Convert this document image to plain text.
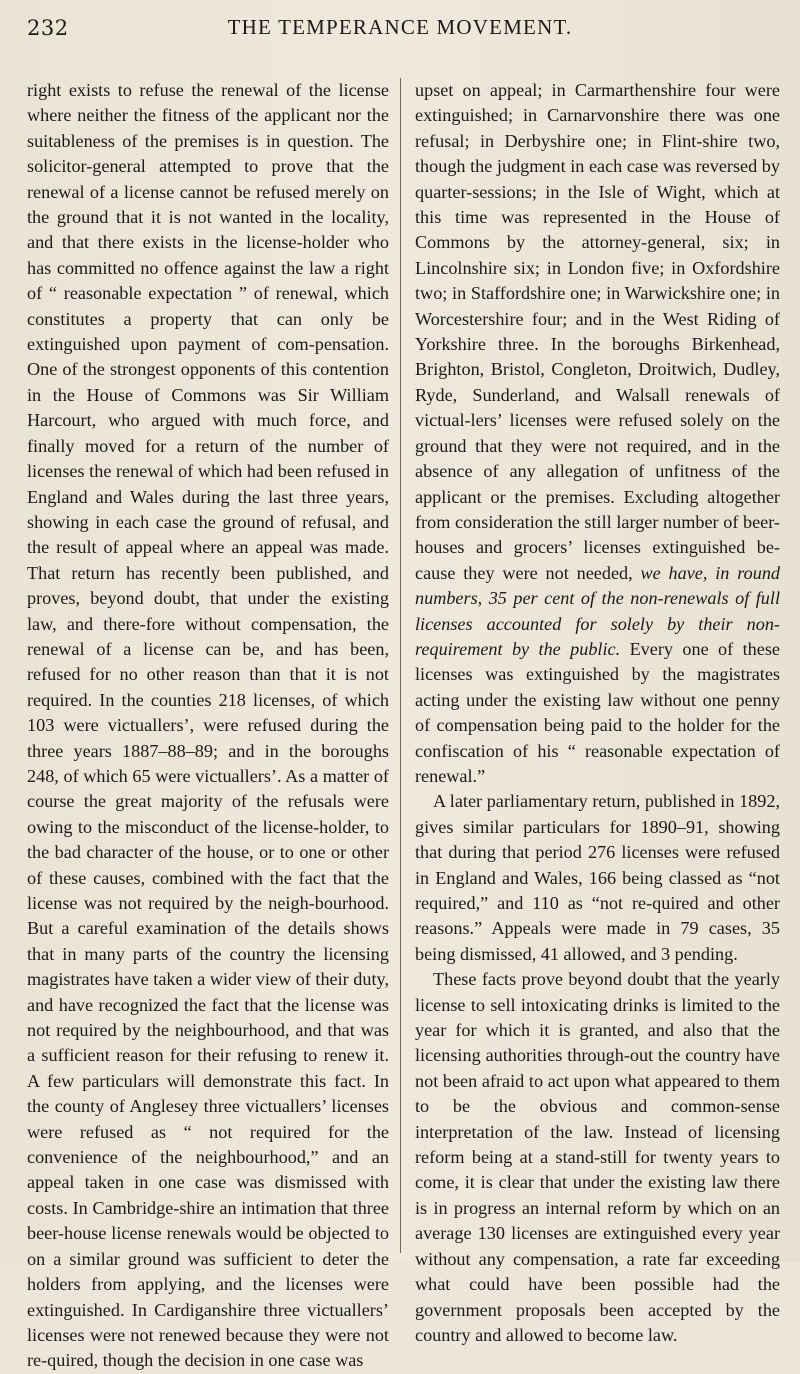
232	THE TEMPERANCE MOVEMENT.

right exists to refuse the renewal of the license where neither the fitness of the applicant nor the suitableness of the premises is in question. The solicitor-general attempted to prove that the renewal of a license cannot be refused merely on the ground that it is not wanted in the locality, and that there exists in the license-holder who has committed no offence against the law a right of “ reasonable expectation ” of renewal, which constitutes a property that can only be extinguished upon payment of com-pensation. One of the strongest opponents of this contention in the House of Commons was Sir William Harcourt, who argued with much force, and finally moved for a return of the number of licenses the renewal of which had been refused in England and Wales during the last three years, showing in each case the ground of refusal, and the result of appeal where an appeal was made. That return has recently been published, and proves, beyond doubt, that under the existing law, and there-fore without compensation, the renewal of a license can be, and has been, refused for no other reason than that it is not required. In the counties 218 licenses, of which 103 were victuallers’, were refused during the three years 1887–88–89; and in the boroughs 248, of which 65 were victuallers’. As a matter of course the great majority of the refusals were owing to the misconduct of the license-holder, to the bad character of the house, or to one or other of these causes, combined with the fact that the license was not required by the neigh-bourhood. But a careful examination of the details shows that in many parts of the country the licensing magistrates have taken a wider view of their duty, and have recognized the fact that the license was not required by the neighbourhood, and that was a sufficient reason for their refusing to renew it. A few particulars will demonstrate this fact. In the county of Anglesey three victuallers’ licenses were refused as “ not required for the convenience of the neighbourhood,” and an appeal taken in one case was dismissed with costs. In Cambridge-shire an intimation that three beer-house license renewals would be objected to on a similar ground was sufficient to deter the holders from applying, and the licenses were extinguished. In Cardiganshire three victuallers’ licenses were not renewed because they were not re-quired, though the decision in one case was

upset on appeal; in Carmarthenshire four were extinguished; in Carnarvonshire there was one refusal; in Derbyshire one; in Flint-shire two, though the judgment in each case was reversed by quarter-sessions; in the Isle of Wight, which at this time was represented in the House of Commons by the attorney-general, six; in Lincolnshire six; in London five; in Oxfordshire two; in Staffordshire one; in Warwickshire one; in Worcestershire four; and in the West Riding of Yorkshire three. In the boroughs Birkenhead, Brighton, Bristol, Congleton, Droitwich, Dudley, Ryde, Sunderland, and Walsall renewals of victual-lers’ licenses were refused solely on the ground that they were not required, and in the absence of any allegation of unfitness of the applicant or the premises. Excluding altogether from consideration the still larger number of beer-houses and grocers’ licenses extinguished be-cause they were not needed, we have, in round numbers, 35 per cent of the non-renewals of full licenses accounted for solely by their non-requirement by the public. Every one of these licenses was extinguished by the magistrates acting under the existing law without one penny of compensation being paid to the holder for the confiscation of his “ reasonable expectation of renewal.”

A later parliamentary return, published in 1892, gives similar particulars for 1890–91, showing that during that period 276 licenses were refused in England and Wales, 166 being classed as “not required,” and 110 as “not re-quired and other reasons.” Appeals were made in 79 cases, 35 being dismissed, 41 allowed, and 3 pending.

These facts prove beyond doubt that the yearly license to sell intoxicating drinks is limited to the year for which it is granted, and also that the licensing authorities through-out the country have not been afraid to act upon what appeared to them to be the obvious and common-sense interpretation of the law. Instead of licensing reform being at a stand-still for twenty years to come, it is clear that under the existing law there is in progress an internal reform by which on an average 130 licenses are extinguished every year without any compensation, a rate far exceeding what could have been possible had the government proposals been accepted by the country and allowed to become law.
